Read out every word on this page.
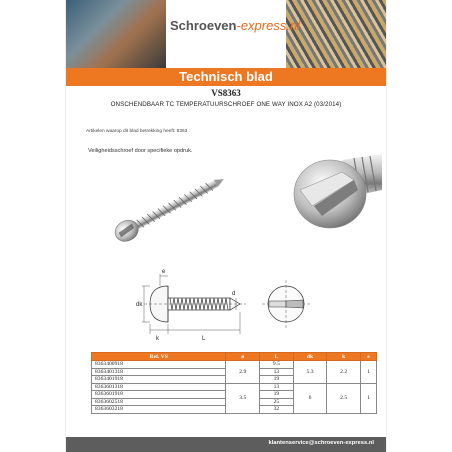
Schroeven-express.nl
Technisch blad
VS8363
ONSCHENDBAAR TC TEMPERATUURSCHROEF ONE WAY INOX A2 (03/2014)
Artikelen waarop dit blad betrekking heeft: 8363
Veiligheidsschroef door specifieke opdruk.
e
dk
d
k	L
Ref. VS	ø	L	dk	k	e
8363400918	2.9	9.5	5.3	2.2	1
8363401318		13			
8363401918		19			
8363601318	3.5	13	6	2.5	1
8363601918		19			
8363602518		25			
8363603218		32			
klantenservice@schroeven-express.nl
